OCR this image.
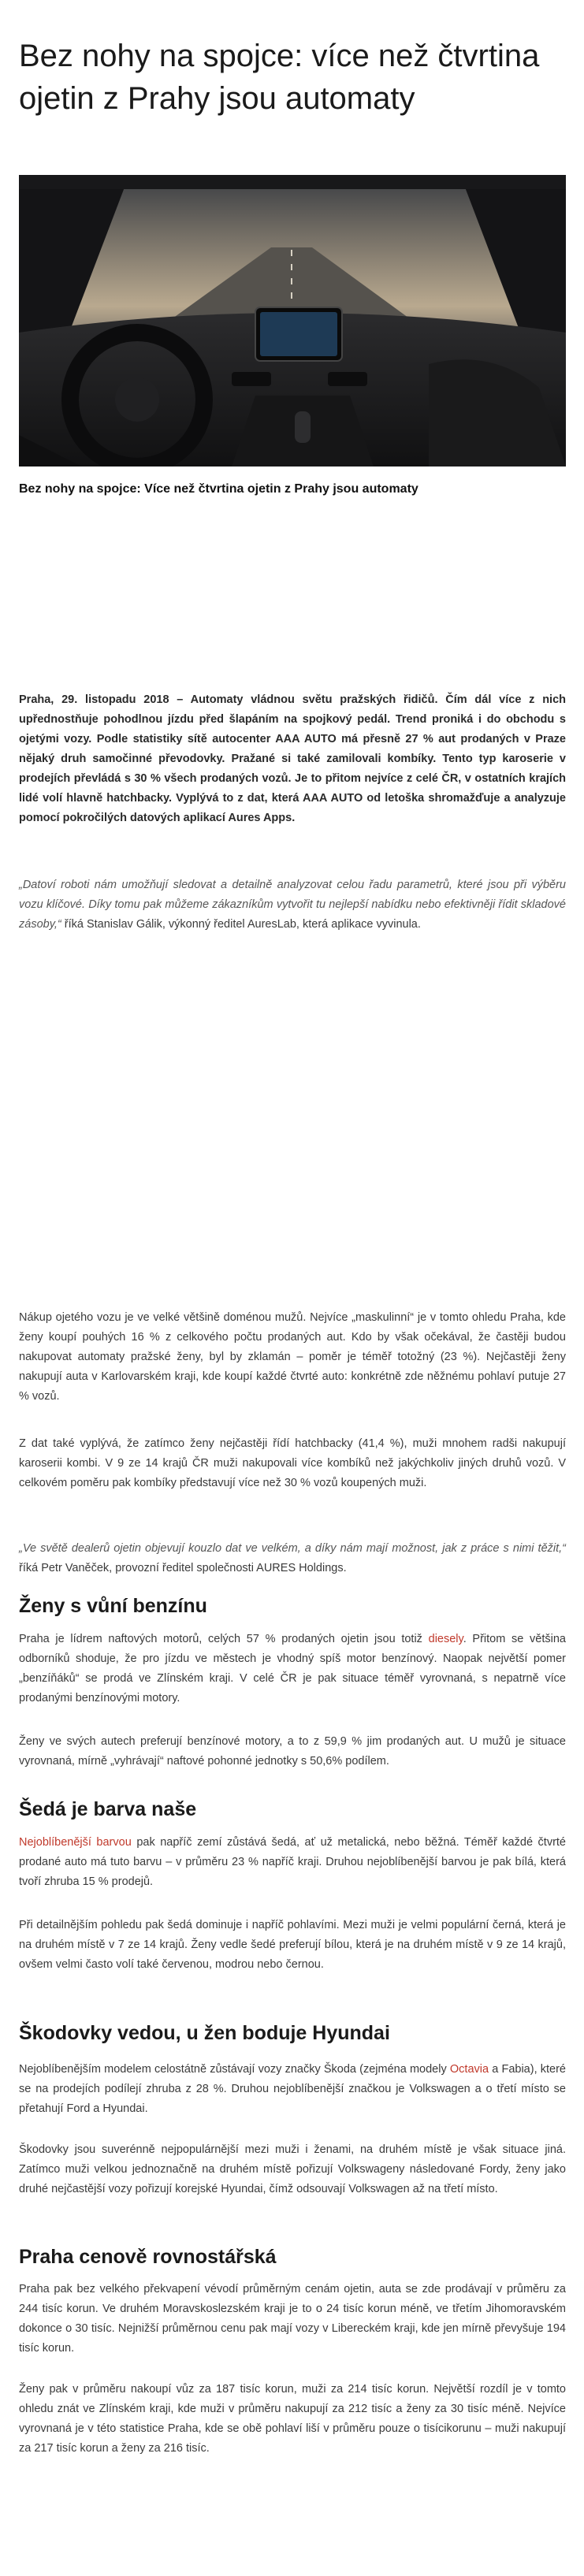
Bez nohy na spojce: více než čtvrtina ojetin z Prahy jsou automaty

Bez nohy na spojce: Více než čtvrtina ojetin z Prahy jsou automaty

Praha, 29. listopadu 2018 – Automaty vládnou světu pražských řidičů. Čím dál více z nich upřednostňuje pohodlnou jízdu před šlapáním na spojkový pedál. Trend proniká i do obchodu s ojetými vozy. Podle statistiky sítě autocenter AAA AUTO má přesně 27 % aut prodaných v Praze nějaký druh samočinné převodovky. Pražané si také zamilovali kombíky. Tento typ karoserie v prodejích převládá s 30 % všech prodaných vozů. Je to přitom nejvíce z celé ČR, v ostatních krajích lidé volí hlavně hatchbacky. Vyplývá to z dat, která AAA AUTO od letoška shromažďuje a analyzuje pomocí pokročilých datových aplikací Aures Apps.

„Datoví roboti nám umožňují sledovat a detailně analyzovat celou řadu parametrů, které jsou při výběru vozu klíčové. Díky tomu pak můžeme zákazníkům vytvořit tu nejlepší nabídku nebo efektivněji řídit skladové zásoby,“ říká Stanislav Gálik, výkonný ředitel AuresLab, která aplikace vyvinula.

Nákup ojetého vozu je ve velké většině doménou mužů. Nejvíce „maskulinní“ je v tomto ohledu Praha, kde ženy koupí pouhých 16 % z celkového počtu prodaných aut. Kdo by však očekával, že častěji budou nakupovat automaty pražské ženy, byl by zklamán – poměr je téměř totožný (23 %). Nejčastěji ženy nakupují auta v Karlovarském kraji, kde koupí každé čtvrté auto: konkrétně zde něžnému pohlaví putuje 27 % vozů.

Z dat také vyplývá, že zatímco ženy nejčastěji řídí hatchbacky (41,4 %), muži mnohem radši nakupují karoserii kombi. V 9 ze 14 krajů ČR muži nakupovali více kombíků než jakýchkoliv jiných druhů vozů. V celkovém poměru pak kombíky představují více než 30 % vozů koupených muži.

„Ve světě dealerů ojetin objevují kouzlo dat ve velkém, a díky nám mají možnost, jak z práce s nimi těžit,“ říká Petr Vaněček, provozní ředitel společnosti AURES Holdings.

Ženy s vůní benzínu

Praha je lídrem naftových motorů, celých 57 % prodaných ojetin jsou totiž diesely. Přitom se většina odborníků shoduje, že pro jízdu ve městech je vhodný spíš motor benzínový. Naopak největší pomer „benzíňáků“ se prodá ve Zlínském kraji. V celé ČR je pak situace téměř vyrovnaná, s nepatrně více prodanými benzínovými motory.

Ženy ve svých autech preferují benzínové motory, a to z 59,9 % jim prodaných aut. U mužů je situace vyrovnaná, mírně „vyhrávají“ naftové pohonné jednotky s 50,6% podílem.

Šedá je barva naše

Nejoblíbenější barvou pak napříč zemí zůstává šedá, ať už metalická, nebo běžná. Téměř každé čtvrté prodané auto má tuto barvu – v průměru 23 % napříč kraji. Druhou nejoblíbenější barvou je pak bílá, která tvoří zhruba 15 % prodejů.

Při detailnějším pohledu pak šedá dominuje i napříč pohlavími. Mezi muži je velmi populární černá, která je na druhém místě v 7 ze 14 krajů. Ženy vedle šedé preferují bílou, která je na druhém místě v 9 ze 14 krajů, ovšem velmi často volí také červenou, modrou nebo černou.

Škodovky vedou, u žen boduje Hyundai

Nejoblíbenějším modelem celostátně zůstávají vozy značky Škoda (zejména modely Octavia a Fabia), které se na prodejích podílejí zhruba z 28 %. Druhou nejoblíbenější značkou je Volkswagen a o třetí místo se přetahují Ford a Hyundai.

Škodovky jsou suverénně nejpopulárnější mezi muži i ženami, na druhém místě je však situace jiná. Zatímco muži velkou jednoznačně na druhém místě pořizují Volkswageny následované Fordy, ženy jako druhé nejčastější vozy pořizují korejské Hyundai, čímž odsouvají Volkswagen až na třetí místo.

Praha cenově rovnostářská

Praha pak bez velkého překvapení vévodí průměrným cenám ojetin, auta se zde prodávají v průměru za 244 tisíc korun. Ve druhém Moravskoslezském kraji je to o 24 tisíc korun méně, ve třetím Jihomoravském dokonce o 30 tisíc. Nejnižší průměrnou cenu pak mají vozy v Libereckém kraji, kde jen mírně převyšuje 194 tisíc korun.

Ženy pak v průměru nakoupí vůz za 187 tisíc korun, muži za 214 tisíc korun. Největší rozdíl je v tomto ohledu znát ve Zlínském kraji, kde muži v průměru nakupují za 212 tisíc a ženy za 30 tisíc méně. Nejvíce vyrovnaná je v této statistice Praha, kde se obě pohlaví liší v průměru pouze o tisícikorunu – muži nakupují za 217 tisíc korun a ženy za 216 tisíc.
